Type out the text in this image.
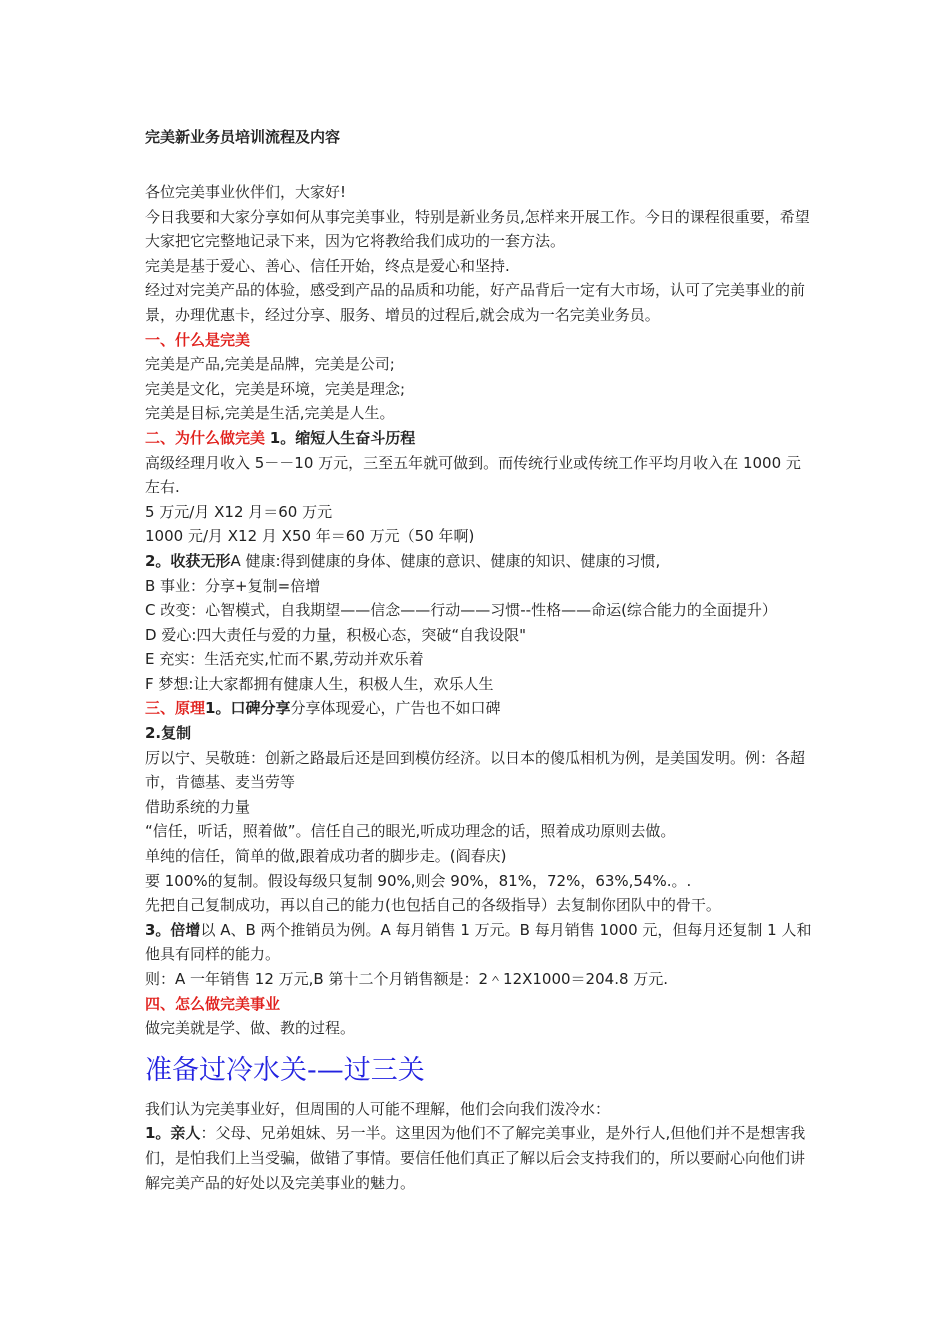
完美新业务员培训流程及内容

各位完美事业伙伴们，大家好!

今日我要和大家分享如何从事完美事业，特别是新业务员,怎样来开展工作。今日的课程很重要，希望大家把它完整地记录下来，因为它将教给我们成功的一套方法。

完美是基于爱心、善心、信任开始，终点是爱心和坚持.

经过对完美产品的体验，感受到产品的品质和功能，好产品背后一定有大市场，认可了完美事业的前景，办理优惠卡，经过分享、服务、增员的过程后,就会成为一名完美业务员。

一、什么是完美

完美是产品,完美是品牌，完美是公司;

完美是文化，完美是环境，完美是理念;

完美是目标,完美是生活,完美是人生。

二、为什么做完美 1。缩短人生奋斗历程

高级经理月收入 5－－10 万元，三至五年就可做到。而传统行业或传统工作平均月收入在 1000 元左右.

5 万元/月 X12 月＝60 万元

1000 元/月 X12 月 X50 年＝60 万元（50 年啊)

2。收获无形A 健康:得到健康的身体、健康的意识、健康的知识、健康的习惯,

B 事业：分享+复制=倍增

C 改变：心智模式，自我期望——信念——行动——习惯--性格——命运(综合能力的全面提升）

D 爱心:四大责任与爱的力量，积极心态，突破“自我设限"

E 充实：生活充实,忙而不累,劳动并欢乐着

F 梦想:让大家都拥有健康人生，积极人生，欢乐人生

三、原理1。口碑分享分享体现爱心，广告也不如口碑

2.复制

厉以宁、吴敬琏：创新之路最后还是回到模仿经济。以日本的傻瓜相机为例，是美国发明。例：各超市，肯德基、麦当劳等

借助系统的力量

“信任，听话，照着做”。信任自己的眼光,听成功理念的话，照着成功原则去做。

单纯的信任，简单的做,跟着成功者的脚步走。(阎春庆)

要 100%的复制。假设每级只复制 90%,则会 90%，81%，72%，63%,54%.。.

先把自己复制成功，再以自己的能力(也包括自己的各级指导）去复制你团队中的骨干。

3。倍增以 A、B 两个推销员为例。A 每月销售 1 万元。B 每月销售 1000 元，但每月还复制 1 人和他具有同样的能力。

则：A 一年销售 12 万元,B 第十二个月销售额是：2＾12X1000＝204.8 万元.

四、怎么做完美事业

做完美就是学、做、教的过程。

准备过冷水关-—过三关

我们认为完美事业好，但周围的人可能不理解，他们会向我们泼冷水：

1。亲人：父母、兄弟姐妹、另一半。这里因为他们不了解完美事业，是外行人,但他们并不是想害我们，是怕我们上当受骗，做错了事情。要信任他们真正了解以后会支持我们的，所以要耐心向他们讲解完美产品的好处以及完美事业的魅力。
